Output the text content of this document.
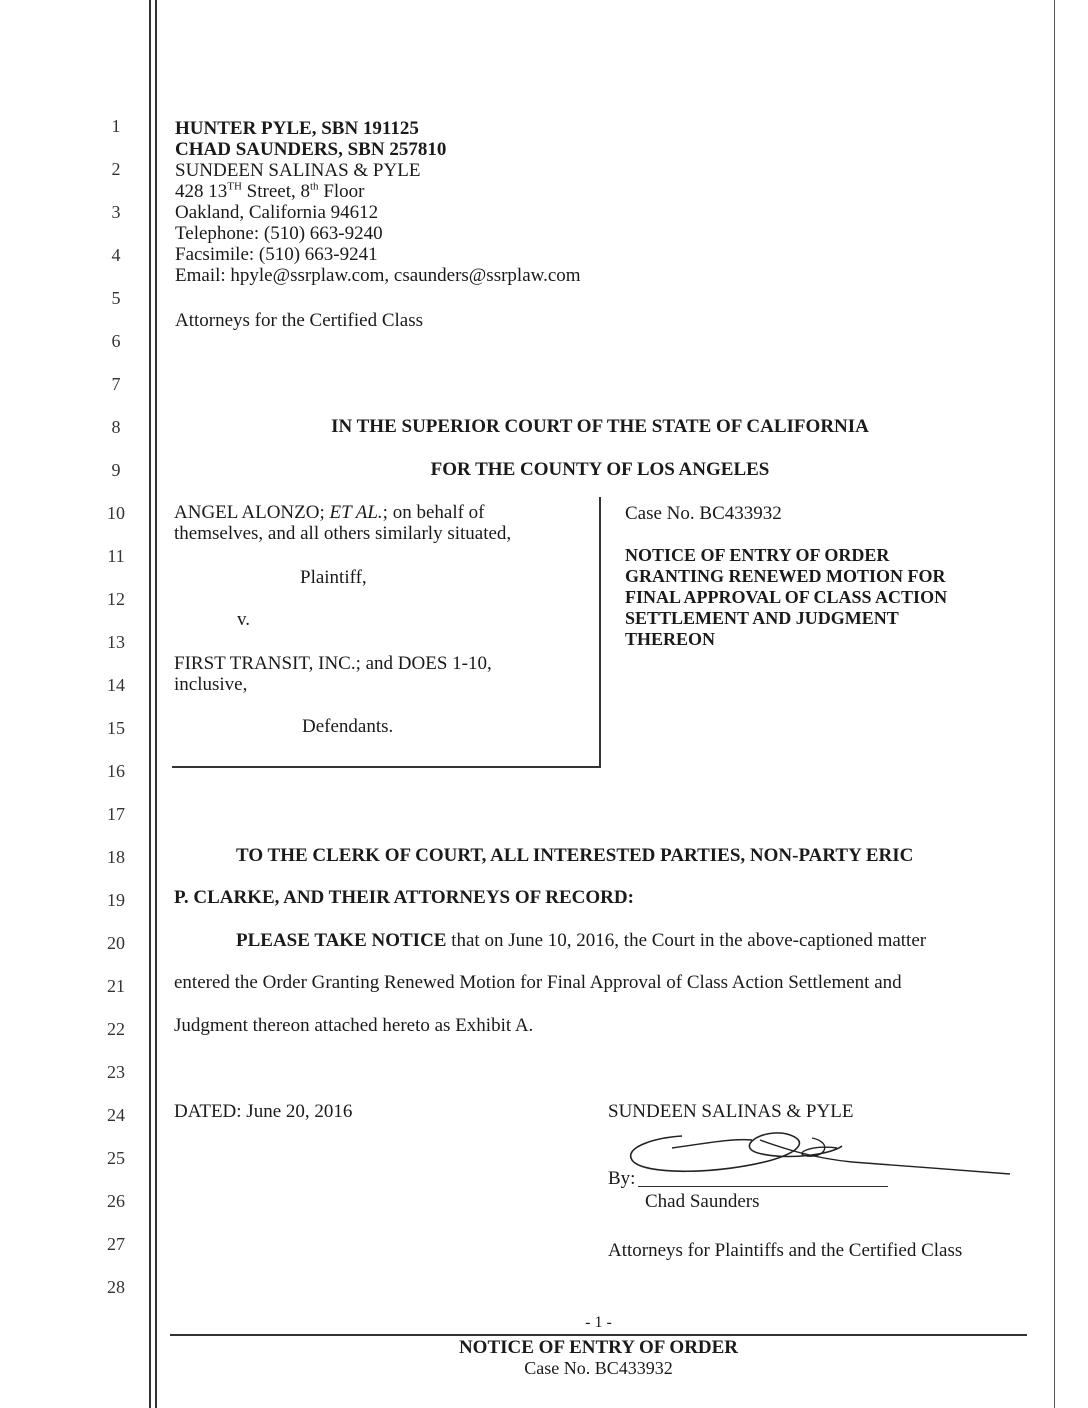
1
2
3
4
5
6
7
8
9
10
11
12
13
14
15
16
17
18
19
20
21
22
23
24
25
26
27
28
HUNTER PYLE, SBN 191125
CHAD SAUNDERS, SBN 257810
SUNDEEN SALINAS & PYLE
428 13TH Street, 8th Floor
Oakland, California 94612
Telephone: (510) 663-9240
Facsimile: (510) 663-9241
Email: hpyle@ssrplaw.com, csaunders@ssrplaw.com
Attorneys for the Certified Class
IN THE SUPERIOR COURT OF THE STATE OF CALIFORNIA
FOR THE COUNTY OF LOS ANGELES
ANGEL ALONZO; ET AL.; on behalf of
themselves, and all others similarly situated,
Plaintiff,
v.
FIRST TRANSIT, INC.; and DOES 1-10,
inclusive,
Defendants.
Case No. BC433932
NOTICE OF ENTRY OF ORDER
GRANTING RENEWED MOTION FOR
FINAL APPROVAL OF CLASS ACTION
SETTLEMENT AND JUDGMENT
THEREON
TO THE CLERK OF COURT, ALL INTERESTED PARTIES, NON-PARTY ERIC
P. CLARKE, AND THEIR ATTORNEYS OF RECORD:
PLEASE TAKE NOTICE that on June 10, 2016, the Court in the above-captioned matter
entered the Order Granting Renewed Motion for Final Approval of Class Action Settlement and
Judgment thereon attached hereto as Exhibit A.
DATED: June 20, 2016	SUNDEEN SALINAS & PYLE
By:
Chad Saunders
Attorneys for Plaintiffs and the Certified Class
- 1 -
NOTICE OF ENTRY OF ORDER
Case No. BC433932
